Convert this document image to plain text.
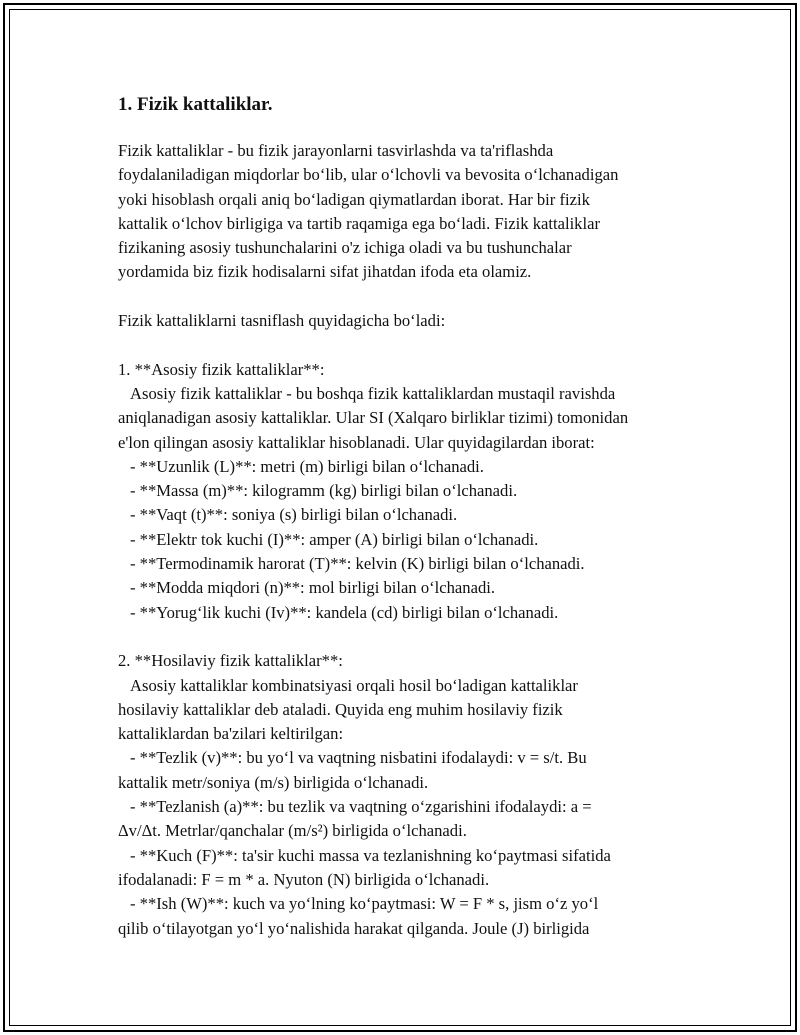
1. Fizik kattaliklar.
Fizik kattaliklar - bu fizik jarayonlarni tasvirlashda va ta'riflashda
foydalaniladigan miqdorlar bo‘lib, ular o‘lchovli va bevosita o‘lchanadigan
yoki hisoblash orqali aniq bo‘ladigan qiymatlardan iborat. Har bir fizik
kattalik o‘lchov birligiga va tartib raqamiga ega bo‘ladi. Fizik kattaliklar
fizikaning asosiy tushunchalarini o'z ichiga oladi va bu tushunchalar
yordamida biz fizik hodisalarni sifat jihatdan ifoda eta olamiz.
Fizik kattaliklarni tasniflash quyidagicha bo‘ladi:
1. **Asosiy fizik kattaliklar**:
Asosiy fizik kattaliklar - bu boshqa fizik kattaliklardan mustaqil ravishda
aniqlanadigan asosiy kattaliklar. Ular SI (Xalqaro birliklar tizimi) tomonidan
e'lon qilingan asosiy kattaliklar hisoblanadi. Ular quyidagilardan iborat:
- **Uzunlik (L)**: metri (m) birligi bilan o‘lchanadi.
- **Massa (m)**: kilogramm (kg) birligi bilan o‘lchanadi.
- **Vaqt (t)**: soniya (s) birligi bilan o‘lchanadi.
- **Elektr tok kuchi (I)**: amper (A) birligi bilan o‘lchanadi.
- **Termodinamik harorat (T)**: kelvin (K) birligi bilan o‘lchanadi.
- **Modda miqdori (n)**: mol birligi bilan o‘lchanadi.
- **Yorug‘lik kuchi (Iv)**: kandela (cd) birligi bilan o‘lchanadi.
2. **Hosilaviy fizik kattaliklar**:
Asosiy kattaliklar kombinatsiyasi orqali hosil bo‘ladigan kattaliklar
hosilaviy kattaliklar deb ataladi. Quyida eng muhim hosilaviy fizik
kattaliklardan ba'zilari keltirilgan:
- **Tezlik (v)**: bu yo‘l va vaqtning nisbatini ifodalaydi: v = s/t. Bu
kattalik metr/soniya (m/s) birligida o‘lchanadi.
- **Tezlanish (a)**: bu tezlik va vaqtning o‘zgarishini ifodalaydi: a =
Δv/Δt. Metrlar/qanchalar (m/s²) birligida o‘lchanadi.
- **Kuch (F)**: ta'sir kuchi massa va tezlanishning ko‘paytmasi sifatida
ifodalanadi: F = m * a. Nyuton (N) birligida o‘lchanadi.
- **Ish (W)**: kuch va yo‘lning ko‘paytmasi: W = F * s, jism o‘z yo‘l
qilib o‘tilayotgan yo‘l yo‘nalishida harakat qilganda. Joule (J) birligida
